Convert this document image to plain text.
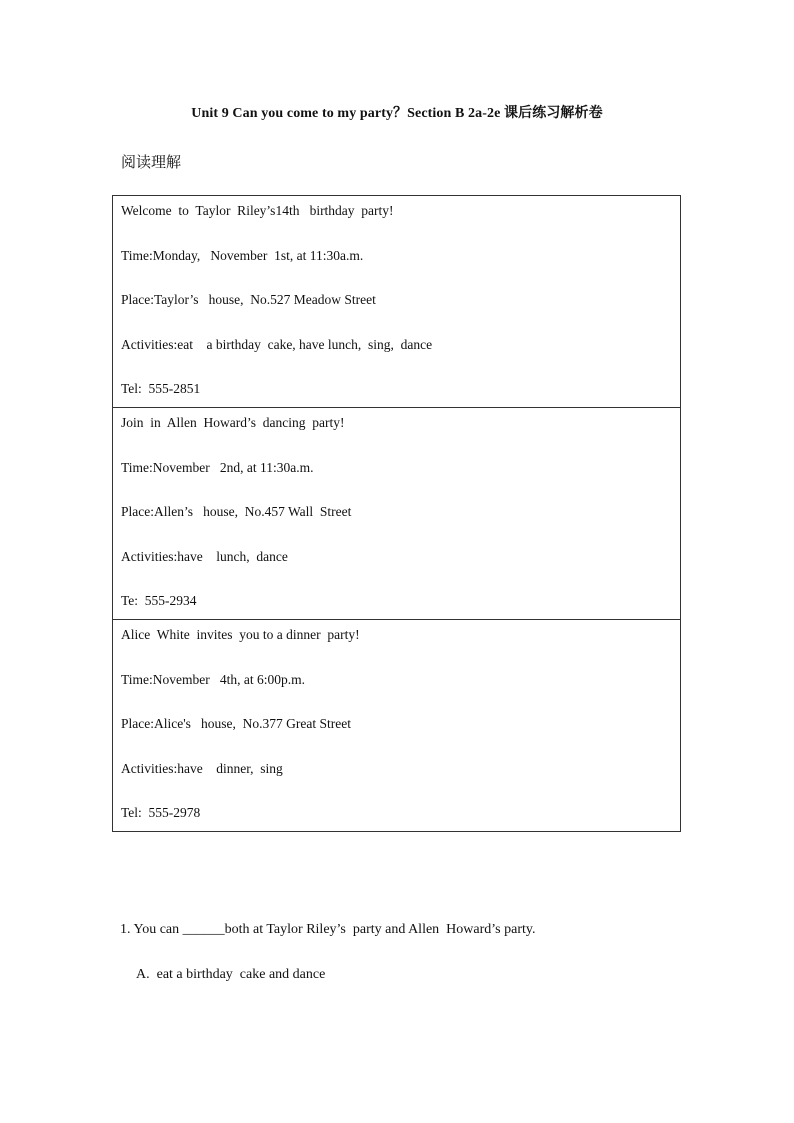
Unit 9 Can you come to my party？Section B 2a-2e 课后练习解析卷
阅读理解
Welcome  to  Taylor  Riley’s14th   birthday  party!
Time:Monday,   November  1st, at 11:30a.m.
Place:Taylor’s   house,  No.527 Meadow Street
Activities:eat    a birthday  cake, have lunch,  sing,  dance
Tel:  555-2851
Join  in  Allen  Howard’s  dancing  party!
Time:November   2nd, at 11:30a.m.
Place:Allen’s   house,  No.457 Wall  Street
Activities:have    lunch,  dance
Te:  555-2934
Alice  White  invites  you to a dinner  party!
Time:November   4th, at 6:00p.m.
Place:Alice's   house,  No.377 Great Street
Activities:have    dinner,  sing
Tel:  555-2978
1. You can ______both at Taylor Riley’s  party and Allen  Howard’s party.
A.  eat a birthday  cake and dance
